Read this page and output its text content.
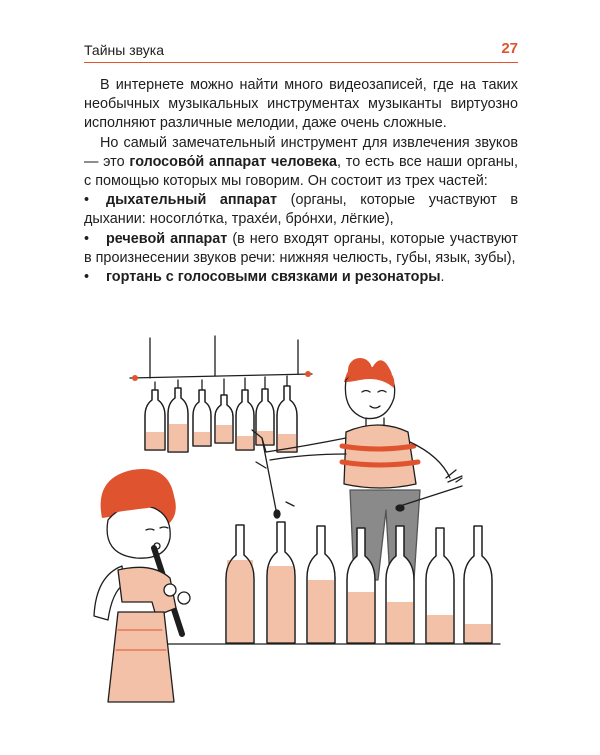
Тайны звука	27

В интернете можно найти много видеозаписей, где на таких необычных музыкальных инструментах музыканты виртуозно исполняют различные мелодии, даже очень сложные.

Но самый замечательный инструмент для извлечения звуков — это голосово́й аппарат человека, то есть все наши органы, с помощью которых мы говорим. Он состоит из трех частей:

• дыхательный аппарат (органы, которые участвуют в дыхании: носогло́тка, трахе́и, бро́нхи, лёгкие),
• речевой аппарат (в него входят органы, которые участвуют в произнесении звуков речи: нижняя челюсть, губы, язык, зубы),
• гортань с голосовыми связками и резонаторы.
